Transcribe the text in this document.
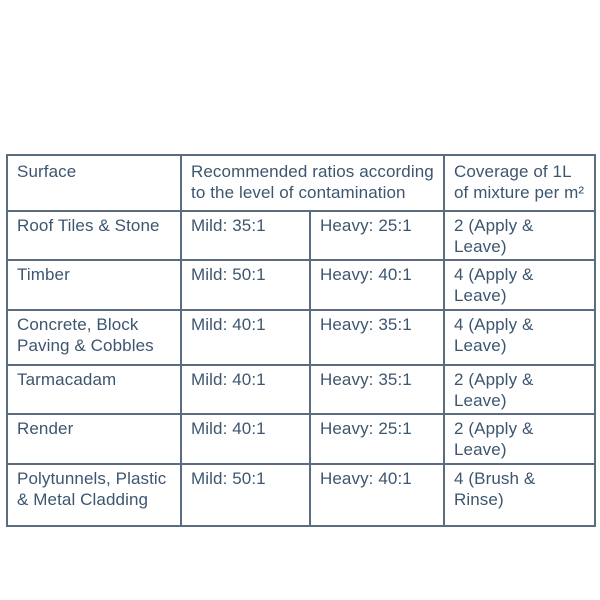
Surface	Recommended ratios according to the level of contamination		Coverage of 1L of mixture per m²
Roof Tiles & Stone	Mild: 35:1	Heavy: 25:1	2 (Apply & Leave)
Timber	Mild: 50:1	Heavy: 40:1	4 (Apply & Leave)
Concrete, Block Paving & Cobbles	Mild: 40:1	Heavy: 35:1	4 (Apply & Leave)
Tarmacadam	Mild: 40:1	Heavy: 35:1	2 (Apply & Leave)
Render	Mild: 40:1	Heavy: 25:1	2 (Apply & Leave)
Polytunnels, Plastic & Metal Cladding	Mild: 50:1	Heavy: 40:1	4 (Brush & Rinse)
